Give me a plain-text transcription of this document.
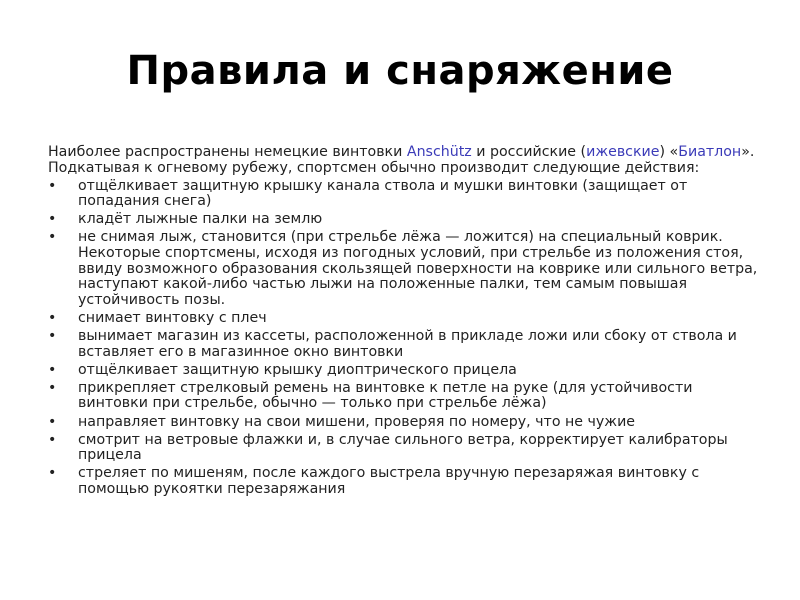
Правила и снаряжение

Наиболее распространены немецкие винтовки Anschütz и российские (ижевские) «Биатлон». Подкатывая к огневому рубежу, спортсмен обычно производит следующие действия:

• отщёлкивает защитную крышку канала ствола и мушки винтовки (защищает от попадания снега)
• кладёт лыжные палки на землю
• не снимая лыж, становится (при стрельбе лёжа — ложится) на специальный коврик. Некоторые спортсмены, исходя из погодных условий, при стрельбе из положения стоя, ввиду возможного образования скользящей поверхности на коврике или сильного ветра, наступают какой-либо частью лыжи на положенные палки, тем самым повышая устойчивость позы.
• снимает винтовку с плеч
• вынимает магазин из кассеты, расположенной в прикладе ложи или сбоку от ствола и вставляет его в магазинное окно винтовки
• отщёлкивает защитную крышку диоптрического прицела
• прикрепляет стрелковый ремень на винтовке к петле на руке (для устойчивости винтовки при стрельбе, обычно — только при стрельбе лёжа)
• направляет винтовку на свои мишени, проверяя по номеру, что не чужие
• смотрит на ветровые флажки и, в случае сильного ветра, корректирует калибраторы прицела
• стреляет по мишеням, после каждого выстрела вручную перезаряжая винтовку с помощью рукоятки перезаряжания
